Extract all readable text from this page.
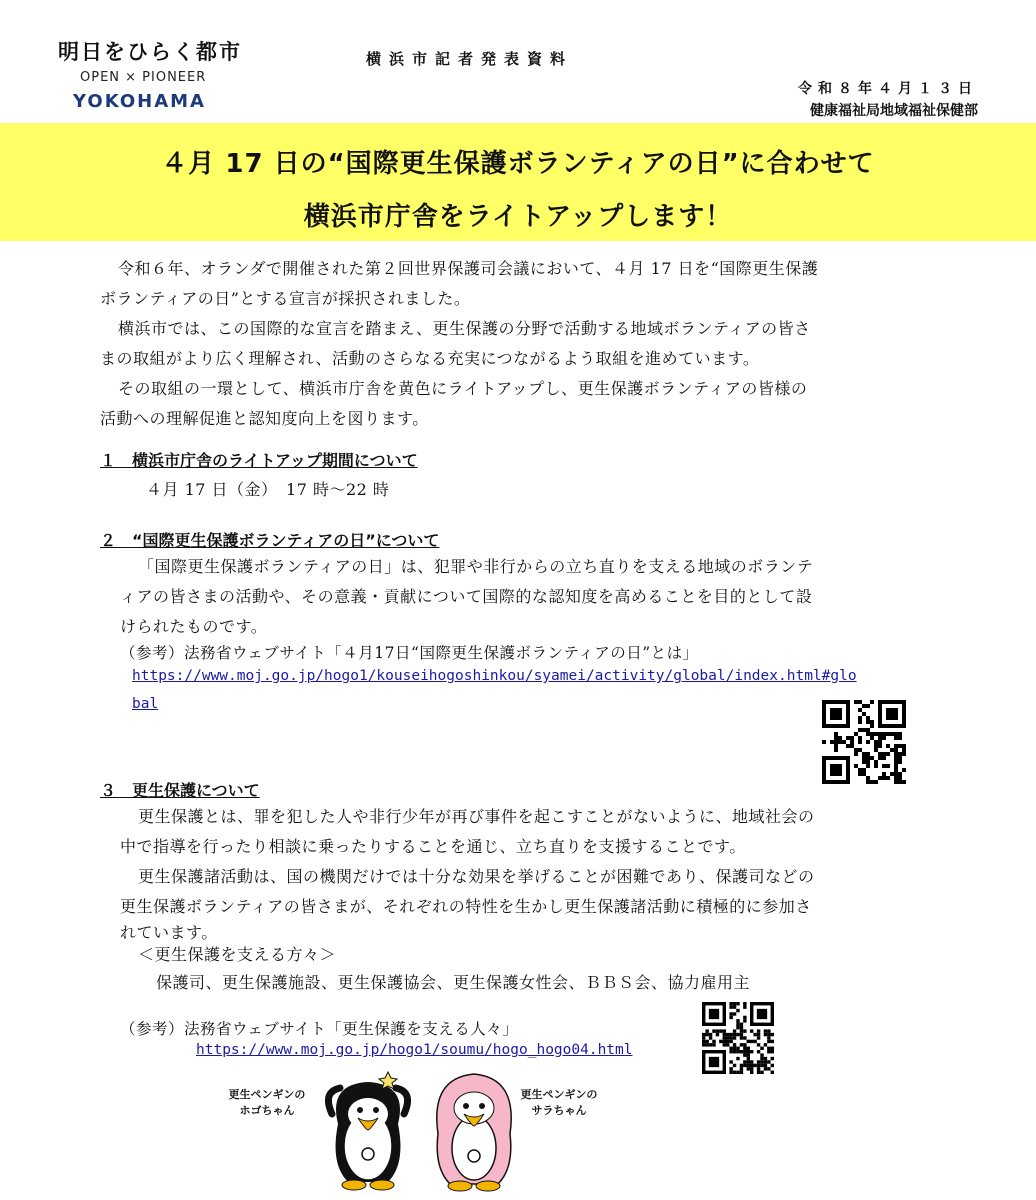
明日をひらく都市
OPEN × PIONEER
YOKOHAMA
横浜市記者発表資料
令和８年４月１３日
健康福祉局地域福祉保健部
４月 17 日の“国際更生保護ボランティアの日”に合わせて
横浜市庁舎をライトアップします！
令和６年、オランダで開催された第２回世界保護司会議において、４月 17 日を“国際更生保護
ボランティアの日”とする宣言が採択されました。
横浜市では、この国際的な宣言を踏まえ、更生保護の分野で活動する地域ボランティアの皆さ
まの取組がより広く理解され、活動のさらなる充実につながるよう取組を進めています。
その取組の一環として、横浜市庁舎を黄色にライトアップし、更生保護ボランティアの皆様の
活動への理解促進と認知度向上を図ります。
１　横浜市庁舎のライトアップ期間について
４月 17 日（金）　17 時～22 時
２　“国際更生保護ボランティアの日”について
「国際更生保護ボランティアの日」は、犯罪や非行からの立ち直りを支える地域のボランテ
ィアの皆さまの活動や、その意義・貢献について国際的な認知度を高めることを目的として設
けられたものです。
（参考）法務省ウェブサイト「４月17日“国際更生保護ボランティアの日”とは」
https://www.moj.go.jp/hogo1/kouseihogoshinkou/syamei/activity/global/index.html#glo
bal
３　更生保護について
更生保護とは、罪を犯した人や非行少年が再び事件を起こすことがないように、地域社会の
中で指導を行ったり相談に乗ったりすることを通じ、立ち直りを支援することです。
更生保護諸活動は、国の機関だけでは十分な効果を挙げることが困難であり、保護司などの
更生保護ボランティアの皆さまが、それぞれの特性を生かし更生保護諸活動に積極的に参加さ
れています。
＜更生保護を支える方々＞
保護司、更生保護施設、更生保護協会、更生保護女性会、ＢＢＳ会、協力雇用主
（参考）法務省ウェブサイト「更生保護を支える人々」
https://www.moj.go.jp/hogo1/soumu/hogo_hogo04.html
更生ペンギンの
ホゴちゃん
更生ペンギンの
サラちゃん
